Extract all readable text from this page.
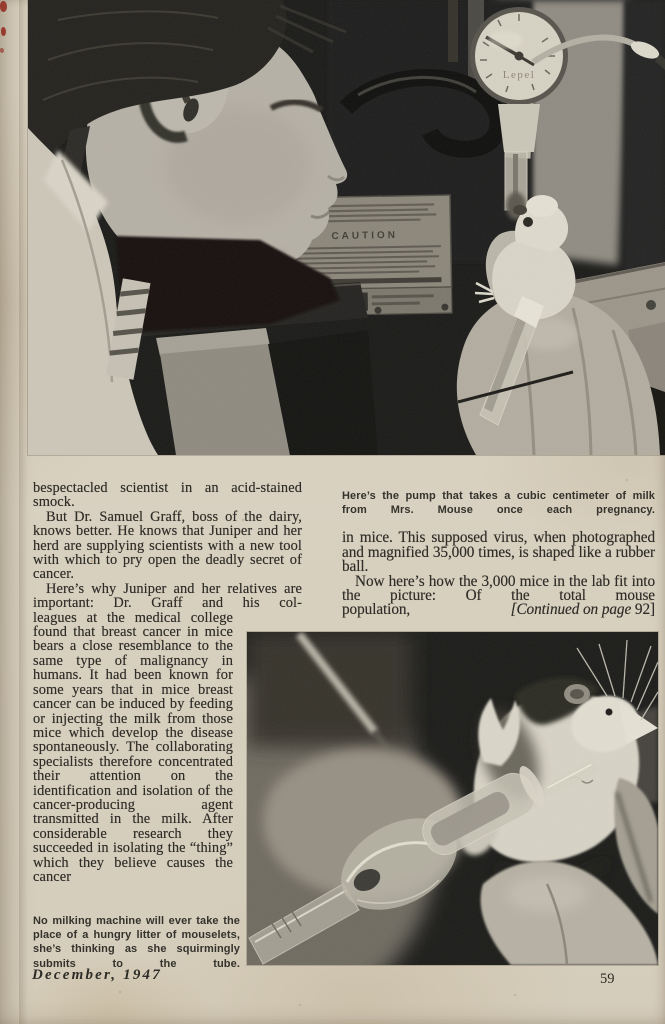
Lepel
CAUTION

bespectacled scientist in an acid-stained smock.

But Dr. Samuel Graff, boss of the dairy, knows better. He knows that Juniper and her herd are supplying scientists with a new tool with which to pry open the deadly secret of cancer.

Here’s why Juniper and her relatives are important: Dr. Graff and his col-

leagues at the medical college found that breast cancer in mice bears a close resemblance to the same type of malignancy in humans. It had been known for some years that in mice breast cancer can be induced by feeding or injecting the milk from those mice which develop the disease spontaneously. The collaborating specialists therefore concentrated their attention on the identification and isolation of the cancer-producing agent transmitted in the milk. After considerable research they succeeded in isolating the “thing” which they believe causes the cancer

Here’s the pump that takes a cubic centimeter of milk from Mrs. Mouse once each pregnancy.

in mice. This supposed virus, when photographed and magnified 35,000 times, is shaped like a rubber ball.

Now here’s how the 3,000 mice in the lab fit into the picture: Of the total mouse

population,	[Continued on page 92]

No milking machine will ever take the place of a hungry litter of mouselets, she’s thinking as she squirmingly submits to the tube.

December, 1947	59
